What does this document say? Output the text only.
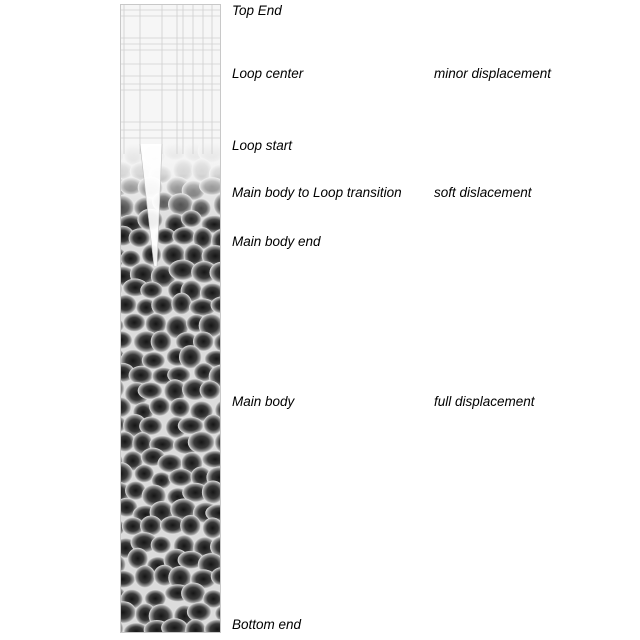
Top End
Loop center	minor displacement
Loop start
Main body to Loop transition soft dislacement
Main body end
Main body	full displacement
Bottom end
